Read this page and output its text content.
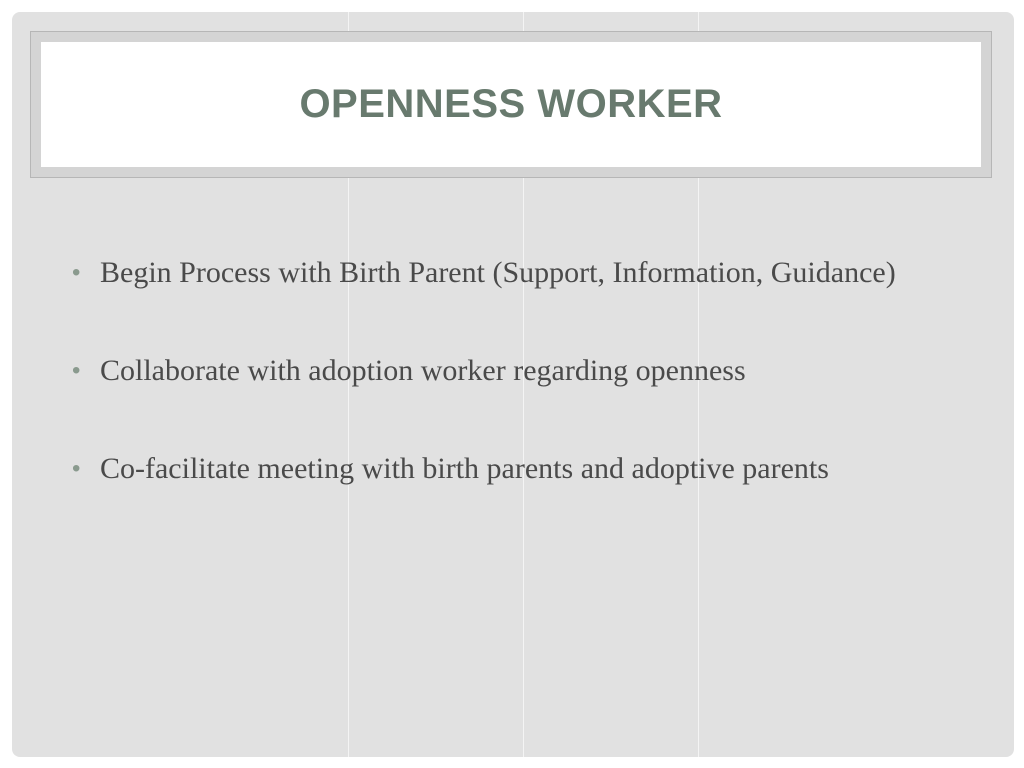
OPENNESS WORKER
• Begin Process with Birth Parent (Support, Information, Guidance)
• Collaborate with adoption worker regarding openness
• Co-facilitate meeting with birth parents and adoptive parents
